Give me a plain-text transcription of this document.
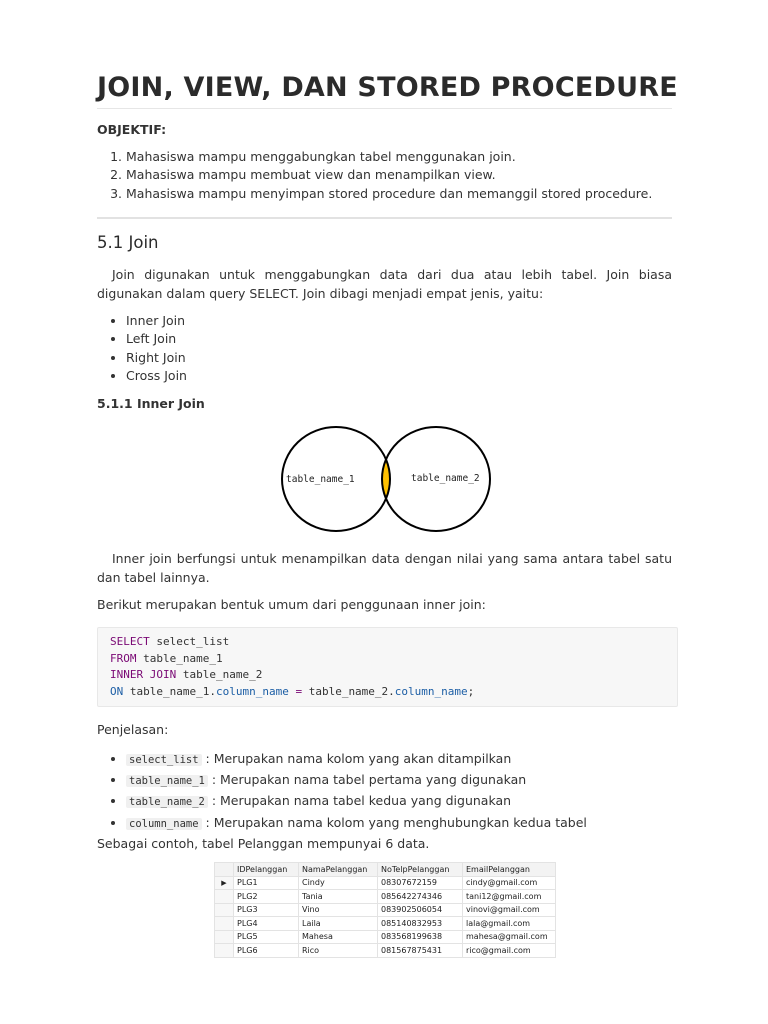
JOIN, VIEW, DAN STORED PROCEDURE
OBJEKTIF:
1. Mahasiswa mampu menggabungkan tabel menggunakan join.
2. Mahasiswa mampu membuat view dan menampilkan view.
3. Mahasiswa mampu menyimpan stored procedure dan memanggil stored procedure.
5.1 Join

Join digunakan untuk menggabungkan data dari dua atau lebih tabel. Join biasa digunakan dalam query SELECT. Join dibagi menjadi empat jenis, yaitu:

• Inner Join
• Left Join
• Right Join
• Cross Join
5.1.1 Inner Join
table_name_1	table_name_2

Inner join berfungsi untuk menampilkan data dengan nilai yang sama antara tabel satu dan tabel lainnya.

Berikut merupakan bentuk umum dari penggunaan inner join:

SELECT select_list
FROM table_name_1
INNER JOIN table_name_2
ON table_name_1.column_name = table_name_2.column_name;

Penjelasan:

• select_list : Merupakan nama kolom yang akan ditampilkan
• table_name_1 : Merupakan nama tabel pertama yang digunakan
• table_name_2 : Merupakan nama tabel kedua yang digunakan
• column_name : Merupakan nama kolom yang menghubungkan kedua tabel

Sebagai contoh, tabel Pelanggan mempunyai 6 data.

	IDPelanggan	NamaPelanggan	NoTelpPelanggan	EmailPelanggan
▶	PLG1	Cindy	08307672159	cindy@gmail.com
	PLG2	Tania	085642274346	tani12@gmail.com
	PLG3	Vino	083902506054	vinovi@gmail.com
	PLG4	Laila	085140832953	lala@gmail.com
	PLG5	Mahesa	083568199638	mahesa@gmail.com
	PLG6	Rico	081567875431	rico@gmail.com
